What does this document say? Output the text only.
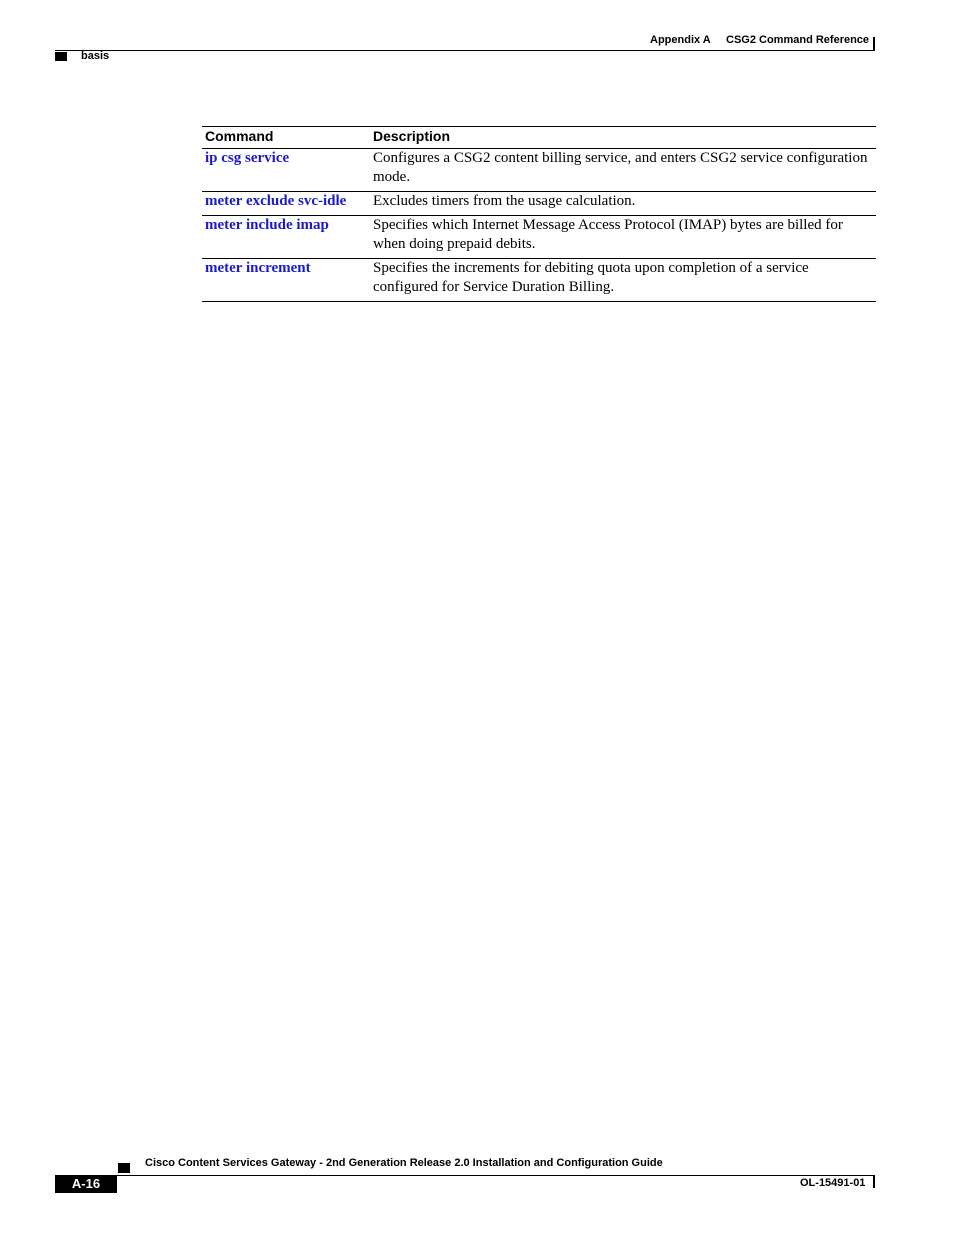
Appendix A CSG2 Command Reference
basis
Command	Description
ip csg service	Configures a CSG2 content billing service, and enters CSG2 service configuration mode.
meter exclude svc-idle	Excludes timers from the usage calculation.
meter include imap	Specifies which Internet Message Access Protocol (IMAP) bytes are billed for when doing prepaid debits.
meter increment	Specifies the increments for debiting quota upon completion of a service configured for Service Duration Billing.
Cisco Content Services Gateway - 2nd Generation Release 2.0 Installation and Configuration Guide
A-16	OL-15491-01
